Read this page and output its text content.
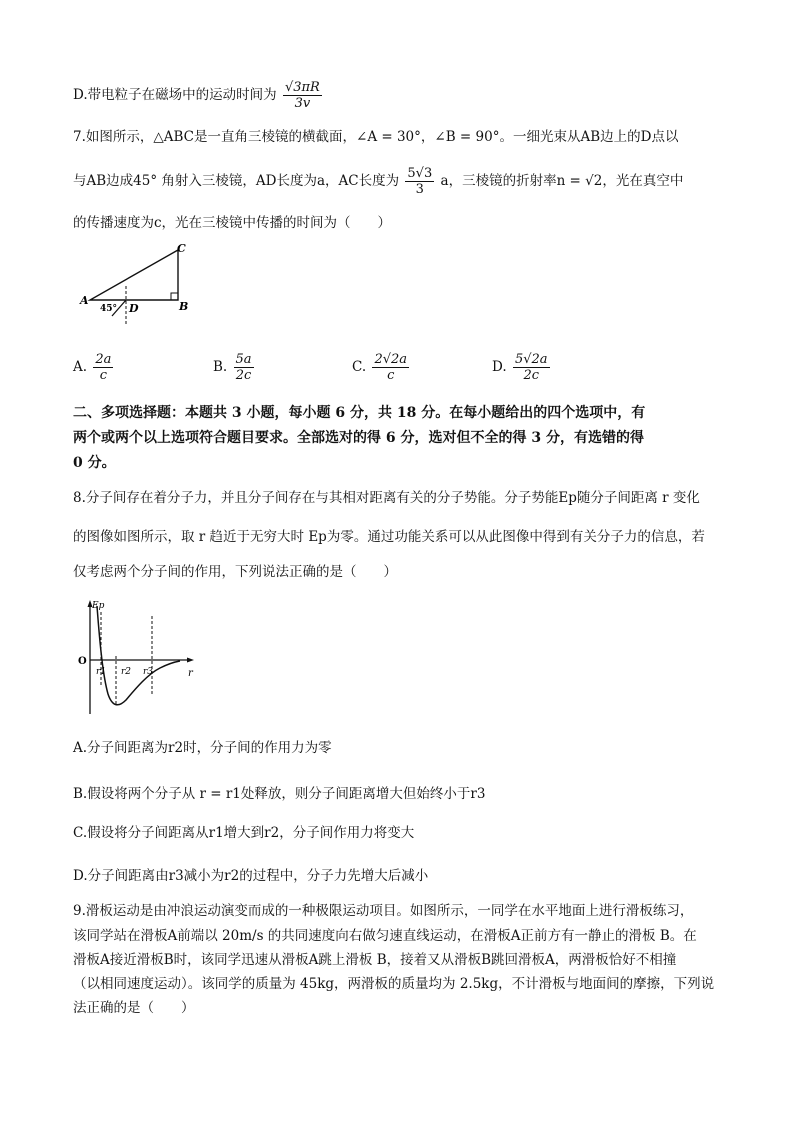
D.带电粒子在磁场中的运动时间为 $\frac{√3\pi R}{3v}$
7.如图所示，△ABC是一直角三棱镜的横截面，∠A = 30°，∠B = 90°。一细光束从AB边上的D点以
与AB边成45° 角射入三棱镜，AD长度为a，AC长度为 $\frac{5√3}{3}$ a，三棱镜的折射率n = √2，光在真空中
的传播速度为c，光在三棱镜中传播的时间为（　　）
A	B
C
D
45°
A. $\frac{2a}{c}$	B. $\frac{5a}{2c}$	C. $\frac{2√2a}{c}$	D. $\frac{5√2a}{2c}$
二、多项选择题：本题共 3 小题，每小题 6 分，共 18 分。在每小题给出的四个选项中，有
两个或两个以上选项符合题目要求。全部选对的得 6 分，选对但不全的得 3 分，有选错的得
0 分。
8.分子间存在着分子力，并且分子间存在与其相对距离有关的分子势能。分子势能Ep随分子间距离 r 变化
的图像如图所示，取 r 趋近于无穷大时 Ep为零。通过功能关系可以从此图像中得到有关分子力的信息，若
仅考虑两个分子间的作用，下列说法正确的是（　　）
Ep
r
O
r1 r2 r3
A.分子间距离为r2时，分子间的作用力为零
B.假设将两个分子从 r = r1处释放，则分子间距离增大但始终小于r3
C.假设将分子间距离从r1增大到r2，分子间作用力将变大
D.分子间距离由r3减小为r2的过程中，分子力先增大后减小
9.滑板运动是由冲浪运动演变而成的一种极限运动项目。如图所示，一同学在水平地面上进行滑板练习，
该同学站在滑板A前端以 20m/s 的共同速度向右做匀速直线运动，在滑板A正前方有一静止的滑板 B。在
滑板A接近滑板B时，该同学迅速从滑板A跳上滑板 B，接着又从滑板B跳回滑板A，两滑板恰好不相撞
（以相同速度运动）。该同学的质量为 45kg，两滑板的质量均为 2.5kg，不计滑板与地面间的摩擦，下列说
法正确的是（　　）
